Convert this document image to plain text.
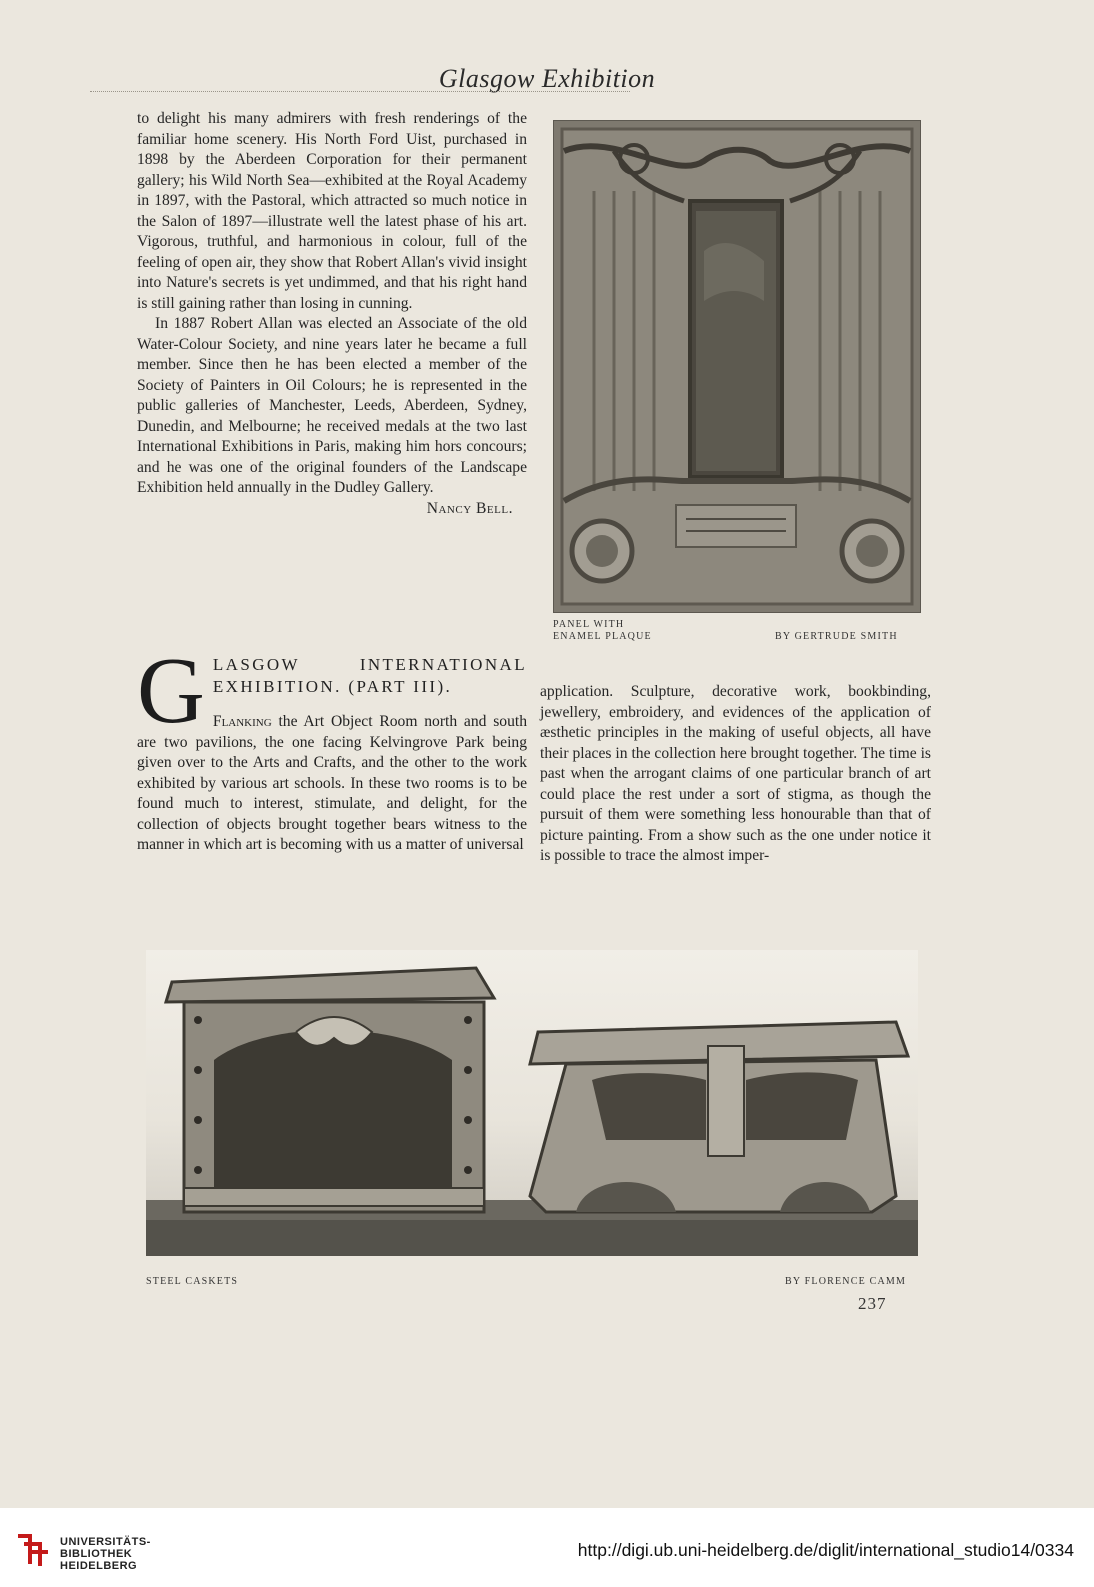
Glasgow Exhibition

to delight his many admirers with fresh renderings of the familiar home scenery. His North Ford Uist, purchased in 1898 by the Aberdeen Corporation for their permanent gallery; his Wild North Sea—exhibited at the Royal Academy in 1897, with the Pastoral, which attracted so much notice in the Salon of 1897—illustrate well the latest phase of his art. Vigorous, truthful, and harmonious in colour, full of the feeling of open air, they show that Robert Allan's vivid insight into Nature's secrets is yet undimmed, and that his right hand is still gaining rather than losing in cunning.

In 1887 Robert Allan was elected an Associate of the old Water-Colour Society, and nine years later he became a full member. Since then he has been elected a member of the Society of Painters in Oil Colours; he is represented in the public galleries of Manchester, Leeds, Aberdeen, Sydney, Dunedin, and Melbourne; he received medals at the two last International Exhibitions in Paris, making him hors concours; and he was one of the original founders of the Landscape Exhibition held annually in the Dudley Gallery.

Nancy Bell.

PANEL WITH
ENAMEL PLAQUE	BY GERTRUDE SMITH
G LASGOW INTERNATIONAL EXHIBITION. (PART III).
Flanking the Art Object Room north and south are two pavilions, the one facing Kelvingrove Park being given over to the Arts and Crafts, and the other to the work exhibited by various art schools. In these two rooms is to be found much to interest, stimulate, and delight, for the collection of objects brought together bears witness to the manner in which art is becoming with us a matter of universal
application. Sculpture, decorative work, bookbinding, jewellery, embroidery, and evidences of the application of æsthetic principles in the making of useful objects, all have their places in the collection here brought together. The time is past when the arrogant claims of one particular branch of art could place the rest under a sort of stigma, as though the pursuit of them were something less honourable than that of picture painting. From a show such as the one under notice it is possible to trace the almost imper-
STEEL CASKETS	BY FLORENCE CAMM
237
UNIVERSITÄTS-
BIBLIOTHEK
HEIDELBERG
http://digi.ub.uni-heidelberg.de/diglit/international_studio14/0334
